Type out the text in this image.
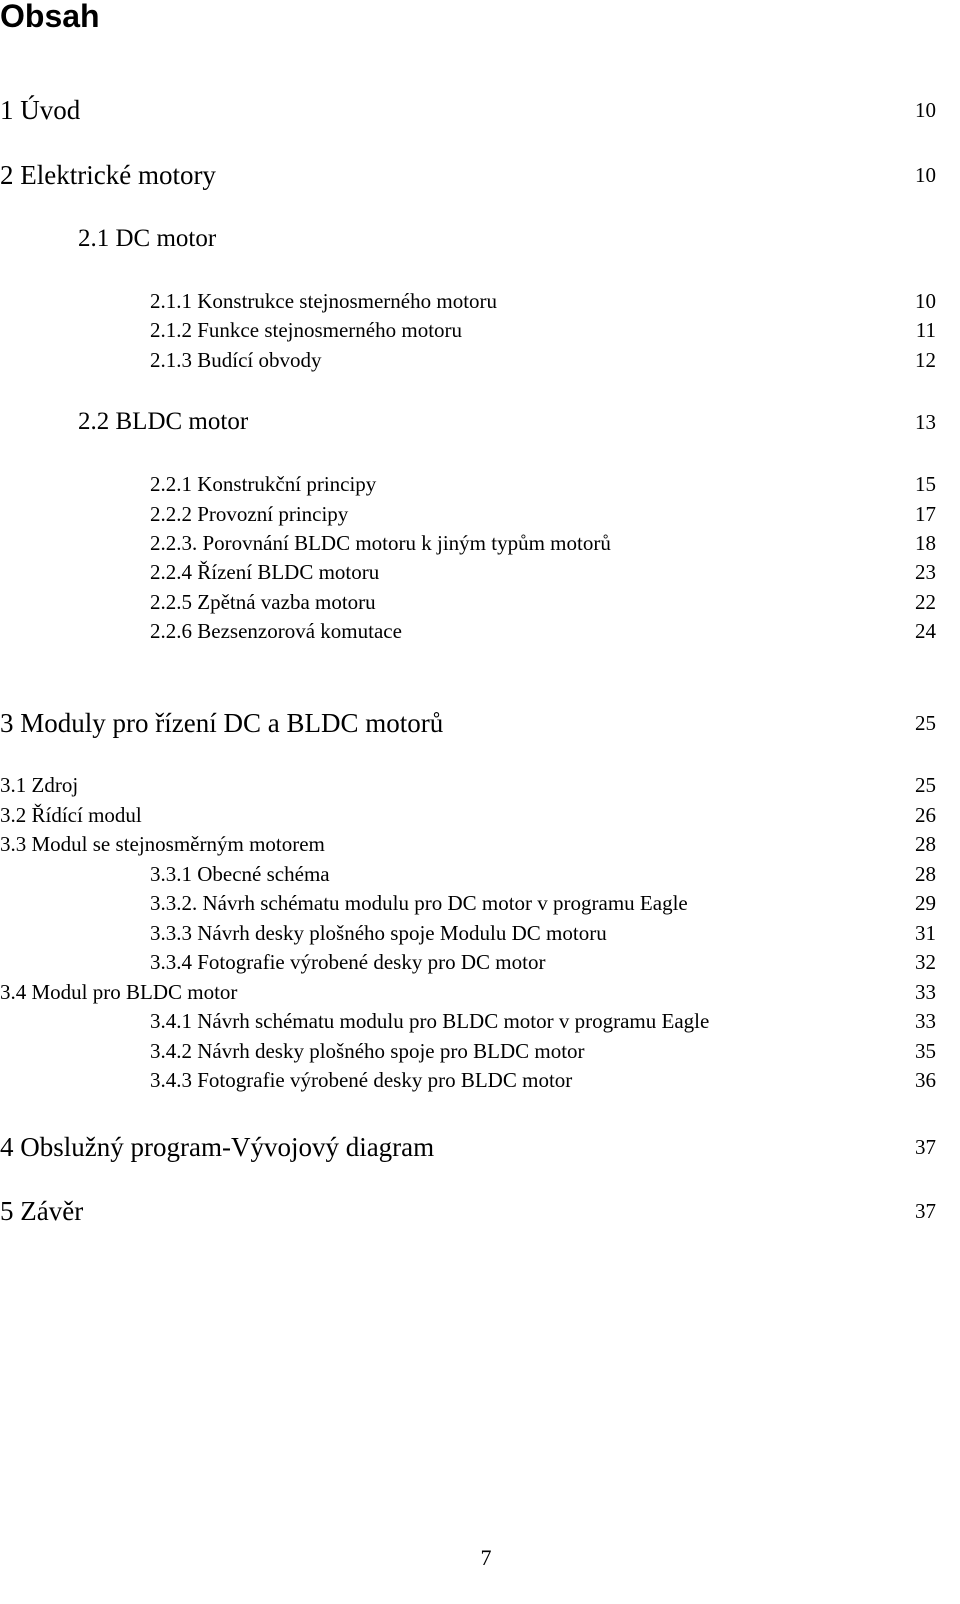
Obsah
1 Úvod	10
2 Elektrické motory	10
2.1 DC motor
2.1.1 Konstrukce stejnosmerného motoru	10
2.1.2 Funkce stejnosmerného motoru	11
2.1.3 Budící obvody	12
2.2 BLDC motor	13
2.2.1 Konstrukční principy	15
2.2.2 Provozní principy	17
2.2.3. Porovnání BLDC motoru k jiným typům motorů	18
2.2.4 Řízení BLDC motoru	23
2.2.5 Zpětná vazba motoru	22
2.2.6 Bezsenzorová komutace	24
3 Moduly pro řízení DC a BLDC motorů	25
3.1 Zdroj	25
3.2 Řídící modul	26
3.3 Modul se stejnosměrným motorem	28
3.3.1 Obecné schéma	28
3.3.2. Návrh schématu modulu pro DC motor v programu Eagle	29
3.3.3 Návrh desky plošného spoje Modulu DC motoru	31
3.3.4 Fotografie výrobené desky pro DC motor	32
3.4 Modul pro BLDC motor	33
3.4.1 Návrh schématu modulu pro BLDC motor v programu Eagle	33
3.4.2 Návrh desky plošného spoje pro BLDC motor	35
3.4.3 Fotografie výrobené desky pro BLDC motor	36
4 Obslužný program-Vývojový diagram	37
5 Závěr	37
7
